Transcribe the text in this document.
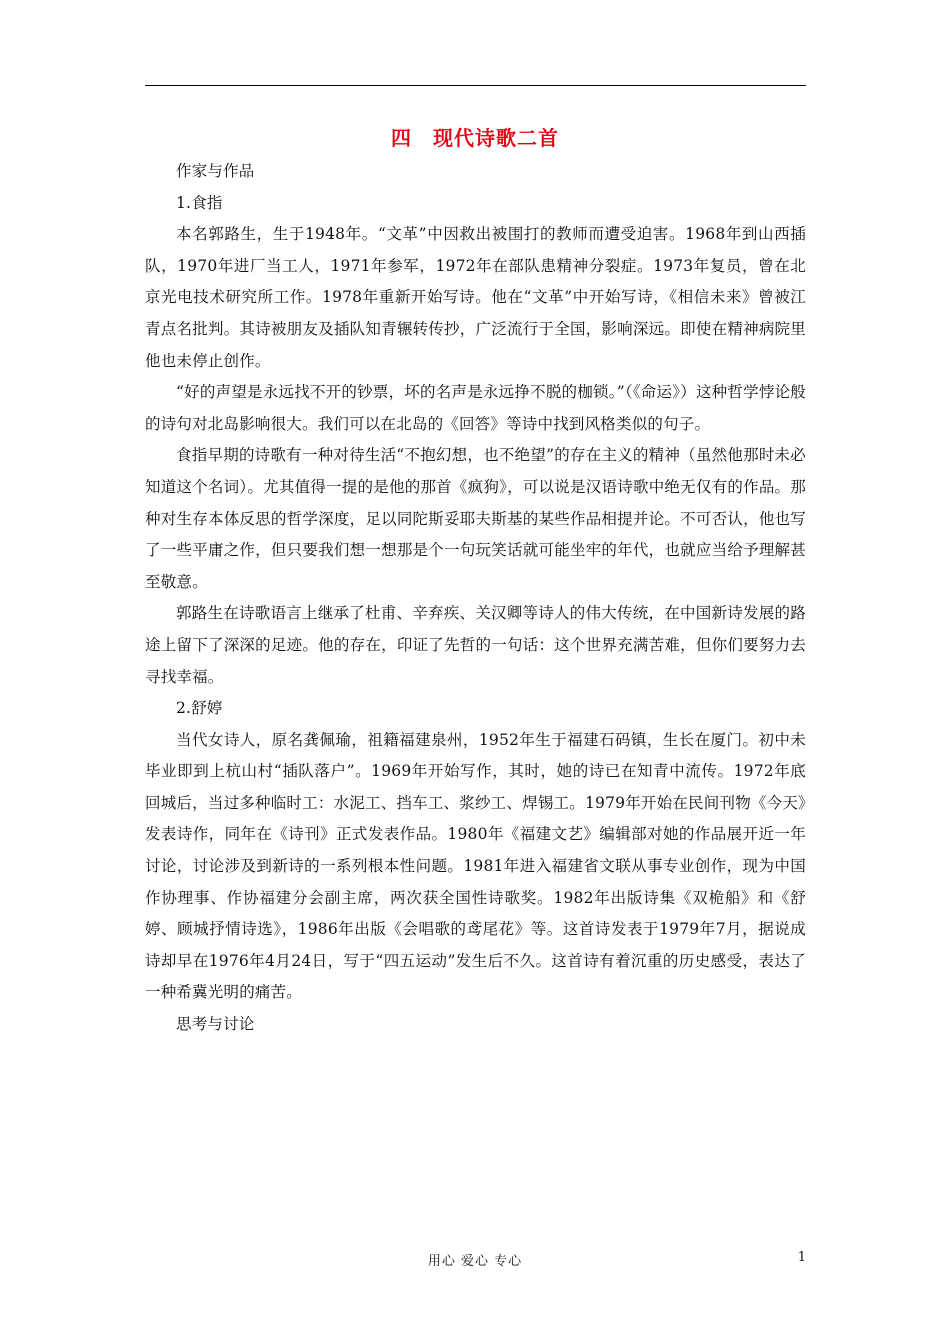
四　现代诗歌二首

作家与作品

1.食指

本名郭路生，生于1948年。“文革”中因救出被围打的教师而遭受迫害。1968年到山西插队，1970年进厂当工人，1971年参军，1972年在部队患精神分裂症。1973年复员，曾在北京光电技术研究所工作。1978年重新开始写诗。他在“文革”中开始写诗，《相信未来》曾被江青点名批判。其诗被朋友及插队知青辗转传抄，广泛流行于全国，影响深远。即使在精神病院里他也未停止创作。

“好的声望是永远找不开的钞票，坏的名声是永远挣不脱的枷锁。”（《命运》）这种哲学悖论般的诗句对北岛影响很大。我们可以在北岛的《回答》等诗中找到风格类似的句子。

食指早期的诗歌有一种对待生活“不抱幻想，也不绝望”的存在主义的精神（虽然他那时未必知道这个名词）。尤其值得一提的是他的那首《疯狗》，可以说是汉语诗歌中绝无仅有的作品。那种对生存本体反思的哲学深度，足以同陀斯妥耶夫斯基的某些作品相提并论。不可否认，他也写了一些平庸之作，但只要我们想一想那是个一句玩笑话就可能坐牢的年代，也就应当给予理解甚至敬意。

郭路生在诗歌语言上继承了杜甫、辛弃疾、关汉卿等诗人的伟大传统，在中国新诗发展的路途上留下了深深的足迹。他的存在，印证了先哲的一句话：这个世界充满苦难，但你们要努力去寻找幸福。

2.舒婷

当代女诗人，原名龚佩瑜，祖籍福建泉州，1952年生于福建石码镇，生长在厦门。初中未毕业即到上杭山村“插队落户”。1969年开始写作，其时，她的诗已在知青中流传。1972年底回城后，当过多种临时工：水泥工、挡车工、浆纱工、焊锡工。1979年开始在民间刊物《今天》发表诗作，同年在《诗刊》正式发表作品。1980年《福建文艺》编辑部对她的作品展开近一年讨论，讨论涉及到新诗的一系列根本性问题。1981年进入福建省文联从事专业创作，现为中国作协理事、作协福建分会副主席，两次获全国性诗歌奖。1982年出版诗集《双桅船》和《舒婷、顾城抒情诗选》，1986年出版《会唱歌的鸢尾花》等。这首诗发表于1979年7月，据说成诗却早在1976年4月24日，写于“四五运动”发生后不久。这首诗有着沉重的历史感受，表达了一种希冀光明的痛苦。

思考与讨论

用心 爱心 专心	1
